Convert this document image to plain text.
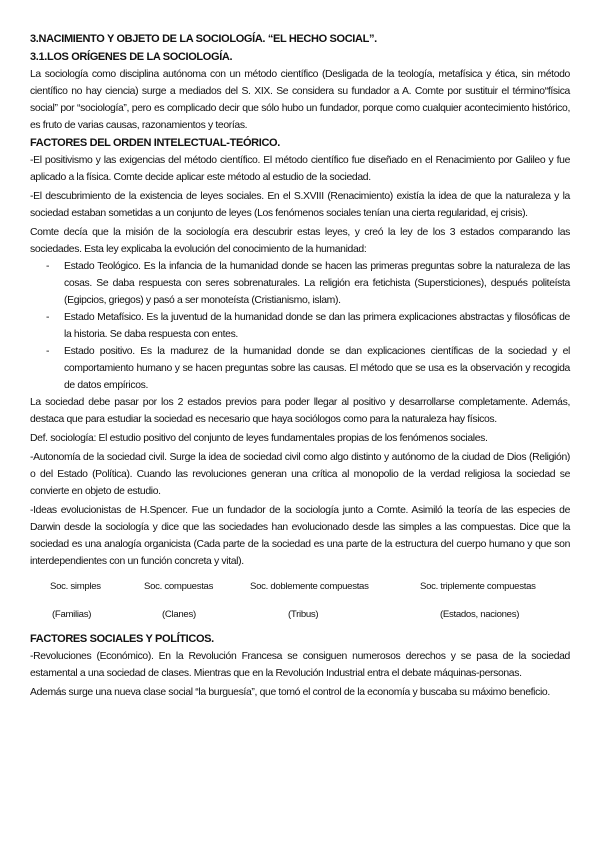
3.NACIMIENTO Y OBJETO DE LA SOCIOLOGÍA. “EL HECHO SOCIAL”.
3.1.LOS ORÍGENES DE LA SOCIOLOGÍA.

La sociología como disciplina autónoma con un método científico (Desligada de la teología, metafísica y ética, sin método científico no hay ciencia) surge a mediados del S. XIX. Se considera su fundador a A. Comte por sustituir el término“física social” por “sociología”, pero es complicado decir que sólo hubo un fundador, porque como cualquier acontecimiento histórico, es fruto de varias causas, razonamientos y teorías.

FACTORES DEL ORDEN INTELECTUAL-TEÓRICO.

-El positivismo y las exigencias del método científico. El método científico fue diseñado en el Renacimiento por Galileo y fue aplicado a la física. Comte decide aplicar este método al estudio de la sociedad.

-El descubrimiento de la existencia de leyes sociales. En el S.XVIII (Renacimiento) existía la idea de que la naturaleza y la sociedad estaban sometidas a un conjunto de leyes (Los fenómenos sociales tenían una cierta regularidad, ej crisis).

Comte decía que la misión de la sociología era descubrir estas leyes, y creó la ley de los 3 estados comparando las sociedades. Esta ley explicaba la evolución del conocimiento de la humanidad:

- Estado Teológico. Es la infancia de la humanidad donde se hacen las primeras preguntas sobre la naturaleza de las cosas. Se daba respuesta con seres sobrenaturales. La religión era fetichista (Supersticiones), después politeísta (Egipcios, griegos) y pasó a ser monoteísta (Cristianismo, islam).
- Estado Metafísico. Es la juventud de la humanidad donde se dan las primera explicaciones abstractas y filosóficas de la historia. Se daba respuesta con entes.
- Estado positivo. Es la madurez de la humanidad donde se dan explicaciones científicas de la sociedad y el comportamiento humano y se hacen preguntas sobre las causas. El método que se usa es la observación y recogida de datos empíricos.

La sociedad debe pasar por los 2 estados previos para poder llegar al positivo y desarrollarse completamente. Además, destaca que para estudiar la sociedad es necesario que haya sociólogos como para la naturaleza hay físicos.

Def. sociología: El estudio positivo del conjunto de leyes fundamentales propias de los fenómenos sociales.

-Autonomía de la sociedad civil. Surge la idea de sociedad civil como algo distinto y autónomo de la ciudad de Dios (Religión) o del Estado (Política). Cuando las revoluciones generan una crítica al monopolio de la verdad religiosa la sociedad se convierte en objeto de estudio.

-Ideas evolucionistas de H.Spencer. Fue un fundador de la sociología junto a Comte. Asimiló la teoría de las especies de Darwin desde la sociología y dice que las sociedades han evolucionado desde las simples a las compuestas. Dice que la sociedad es una analogía organicista (Cada parte de la sociedad es una parte de la estructura del cuerpo humano y que son interdependientes con un función concreta y vital).

Soc. simples
(Familias)
Soc. compuestas
(Clanes)
Soc. doblemente compuestas
(Tribus)
Soc. triplemente compuestas
(Estados, naciones)
FACTORES SOCIALES Y POLÍTICOS.

-Revoluciones (Económico). En la Revolución Francesa se consiguen numerosos derechos y se pasa de la sociedad estamental a una sociedad de clases. Mientras que en la Revolución Industrial entra el debate máquinas-personas.

Además surge una nueva clase social “la burguesía”, que tomó el control de la economía y buscaba su máximo beneficio.
